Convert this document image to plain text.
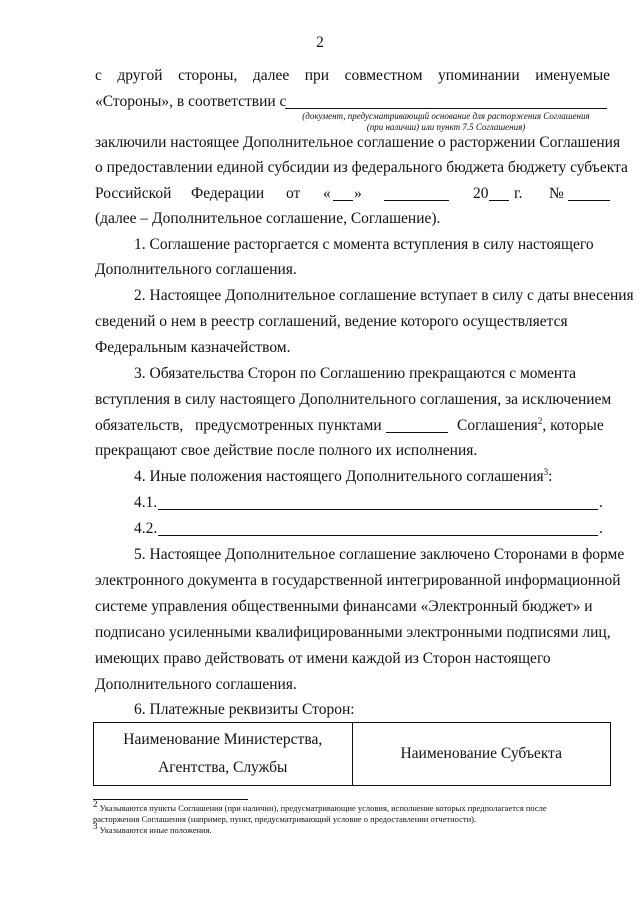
2
с другой стороны, далее при совместном упоминании именуемые
«Стороны», в соответствии с
(документ, предусматривающий основание для расторжения Соглашения
(при наличии) или пункт 7.5 Соглашения)
заключили настоящее Дополнительное соглашение о расторжении Соглашения
о предоставлении единой субсидии из федерального бюджета бюджету субъекта
Российской Федерации от « »	20 г. №
(далее – Дополнительное соглашение, Соглашение).
1. Соглашение расторгается с момента вступления в силу настоящего
Дополнительного соглашения.
2. Настоящее Дополнительное соглашение вступает в силу с даты внесения
сведений о нем в реестр соглашений, ведение которого осуществляется
Федеральным казначейством.
3. Обязательства Сторон по Соглашению прекращаются с момента
вступления в силу настоящего Дополнительного соглашения, за исключением
обязательств, предусмотренных пунктами	Соглашения$^2$, которые
прекращают свое действие после полного их исполнения.
4. Иные положения настоящего Дополнительного соглашения$^3$:
4.1.	.
4.2.	.
5. Настоящее Дополнительное соглашение заключено Сторонами в форме
электронного документа в государственной интегрированной информационной
системе управления общественными финансами «Электронный бюджет» и
подписано усиленными квалифицированными электронными подписями лиц,
имеющих право действовать от имени каждой из Сторон настоящего
Дополнительного соглашения.
6. Платежные реквизиты Сторон:
Наименование Министерства,
Агентства, Службы
	Наименование Субъекта
$^2$ Указываются пункты Соглашения (при наличии), предусматривающие условия, исполнение которых предполагается после
расторжения Соглашения (например, пункт, предусматривающий условие о предоставлении отчетности).
$^3$ Указываются иные положения.
